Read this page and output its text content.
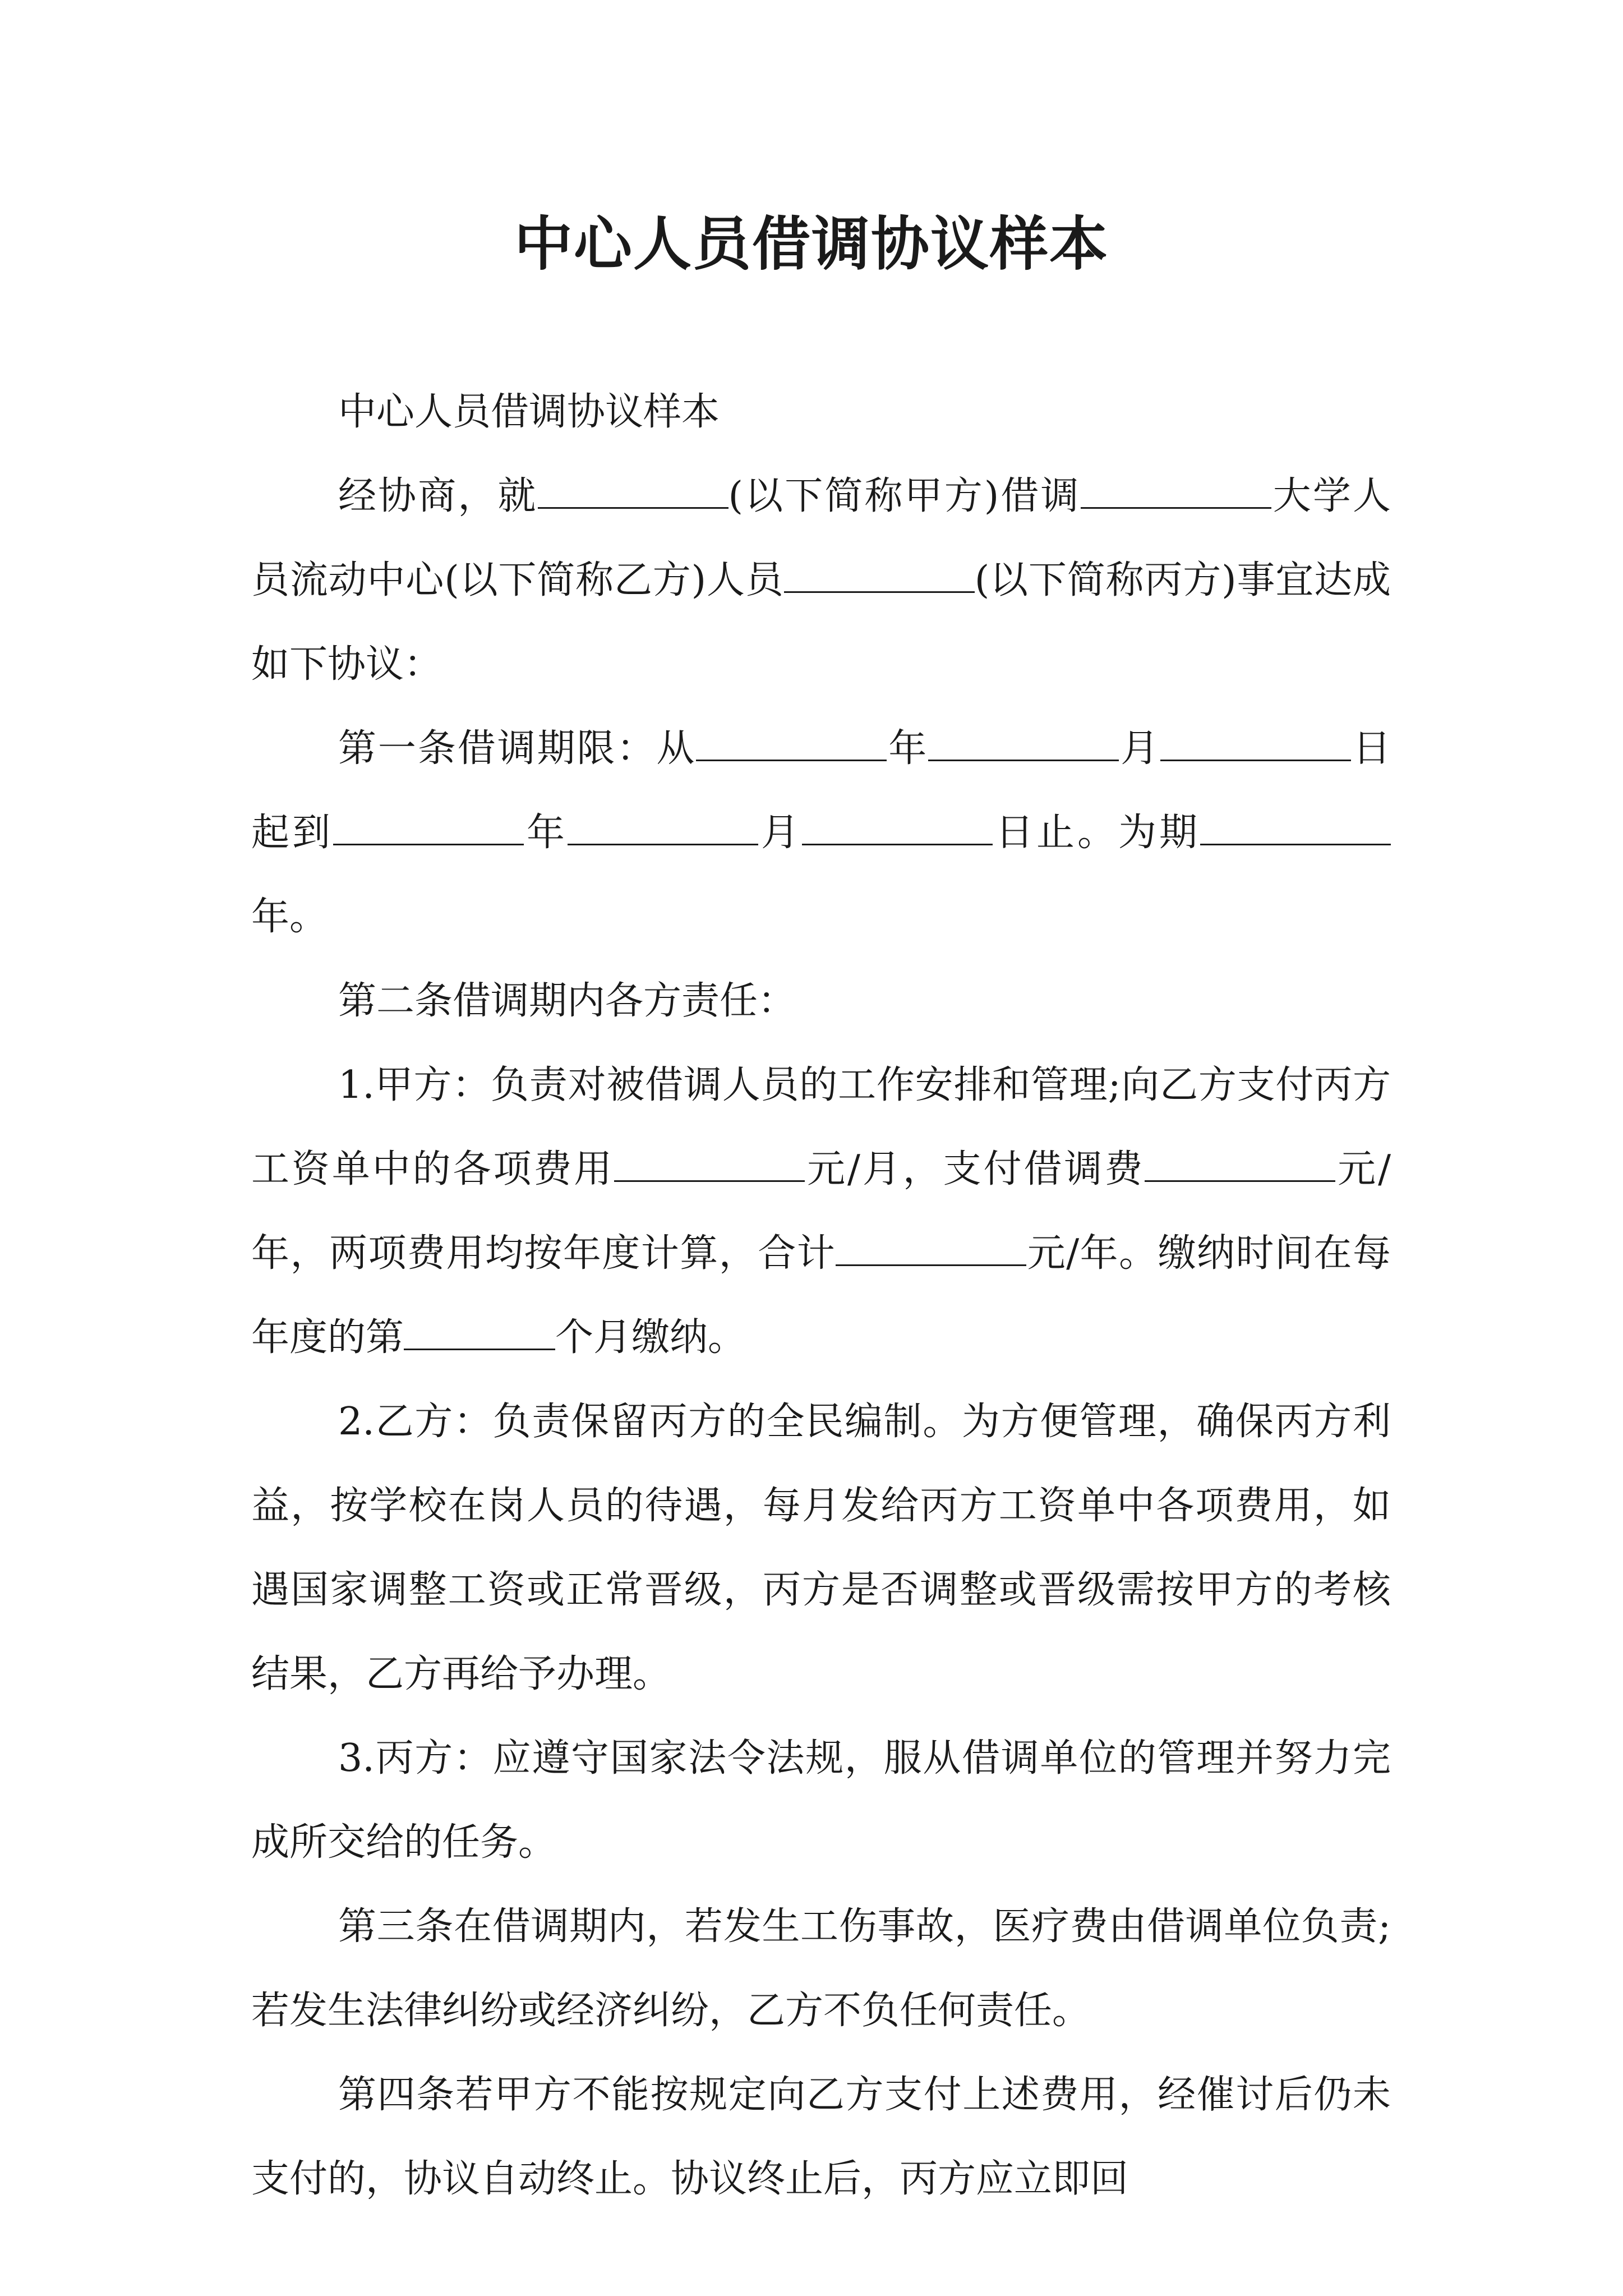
中心人员借调协议样本

中心人员借调协议样本

经协商，就	(以下简称甲方)借调	大学人员流动中心(以下简称乙方)人员	(以下简称丙方)事宜达成如下协议：

第一条借调期限：从	年	月	日起到	年	月	日止。为期年。

第二条借调期内各方责任：

1.甲方：负责对被借调人员的工作安排和管理;向乙方支付丙方工资单中的各项费用	元/月，支付借调费	元/年，两项费用均按年度计算，合计	元/年。缴纳时间在每年度的第	个月缴纳。

2.乙方：负责保留丙方的全民编制。为方便管理，确保丙方利益，按学校在岗人员的待遇，每月发给丙方工资单中各项费用，如遇国家调整工资或正常晋级，丙方是否调整或晋级需按甲方的考核结果，乙方再给予办理。

3.丙方：应遵守国家法令法规，服从借调单位的管理并努力完成所交给的任务。

第三条在借调期内，若发生工伤事故，医疗费由借调单位负责;若发生法律纠纷或经济纠纷，乙方不负任何责任。

第四条若甲方不能按规定向乙方支付上述费用，经催讨后仍未支付的，协议自动终止。协议终止后，丙方应立即回
